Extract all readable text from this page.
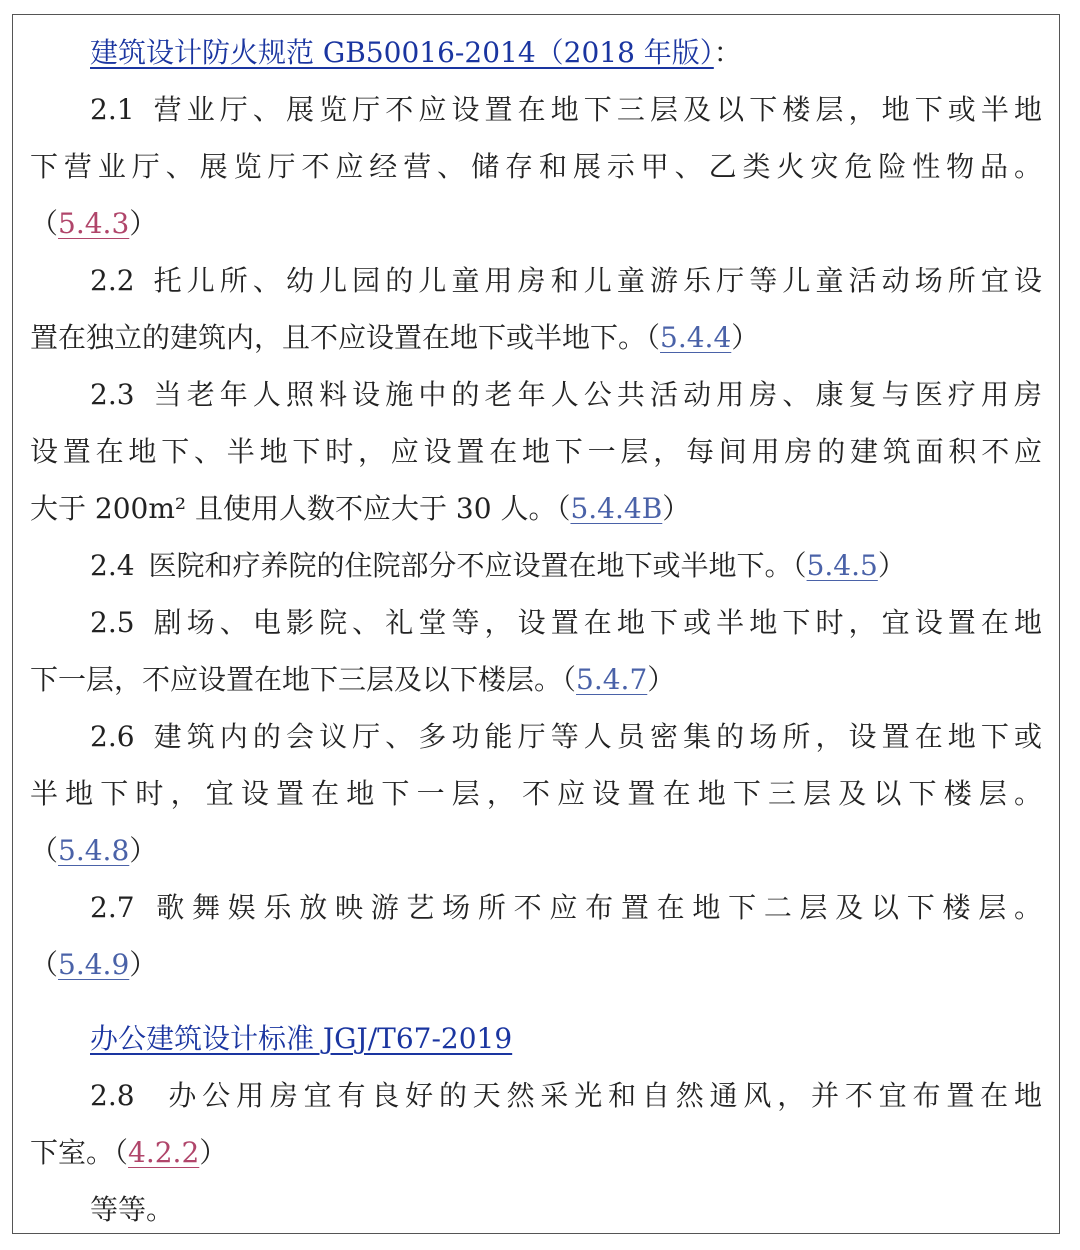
建筑设计防火规范 GB50016-2014（2018 年版）：
2.1 营业厅、展览厅不应设置在地下三层及以下楼层，地下或半地
下营业厅、展览厅不应经营、储存和展示甲、乙类火灾危险性物品。
（5.4.3）
2.2 托儿所、幼儿园的儿童用房和儿童游乐厅等儿童活动场所宜设
置在独立的建筑内，且不应设置在地下或半地下。（5.4.4）
2.3 当老年人照料设施中的老年人公共活动用房、康复与医疗用房
设置在地下、半地下时，应设置在地下一层，每间用房的建筑面积不应
大于 200m² 且使用人数不应大于 30 人。（5.4.4B）
2.4 医院和疗养院的住院部分不应设置在地下或半地下。（5.4.5）
2.5 剧场、电影院、礼堂等，设置在地下或半地下时，宜设置在地
下一层，不应设置在地下三层及以下楼层。（5.4.7）
2.6 建筑内的会议厅、多功能厅等人员密集的场所，设置在地下或
半地下时，宜设置在地下一层，不应设置在地下三层及以下楼层。
（5.4.8）
2.7 歌舞娱乐放映游艺场所不应布置在地下二层及以下楼层。
（5.4.9）
办公建筑设计标准 JGJ/T67-2019
2.8 办公用房宜有良好的天然采光和自然通风，并不宜布置在地
下室。（4.2.2）
等等。
